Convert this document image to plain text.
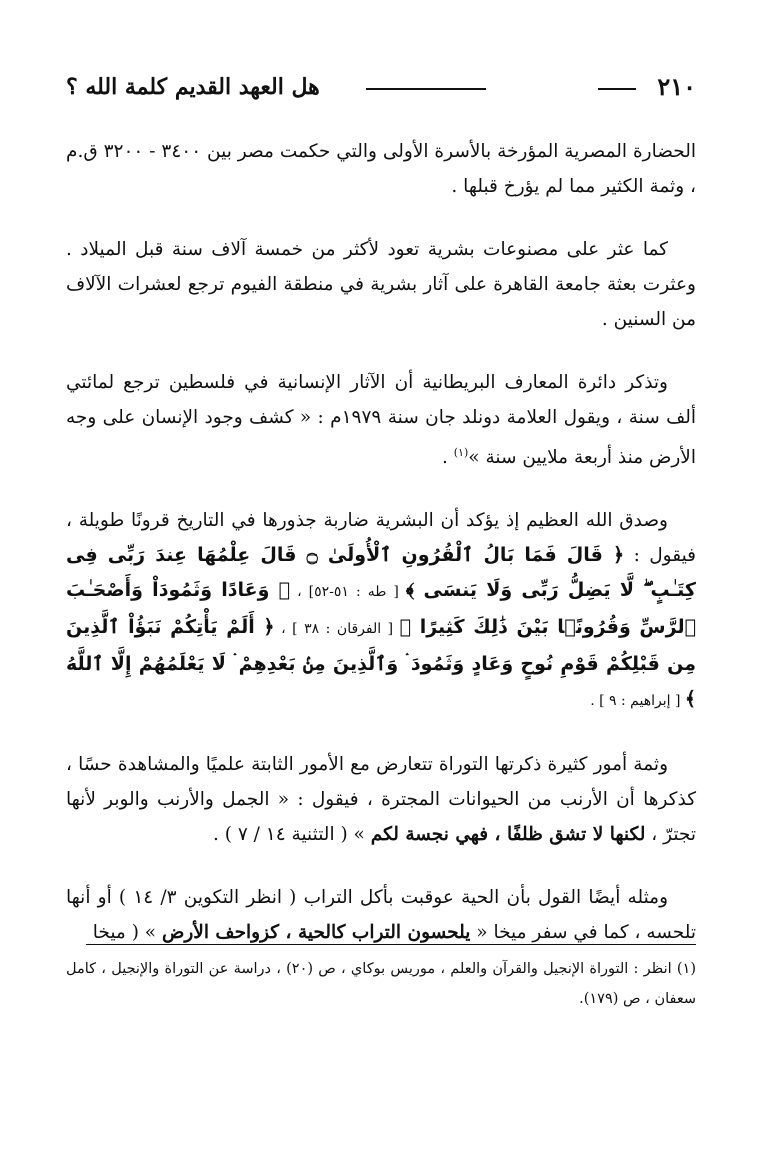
٢١٠
هل العهد القديم كلمة الله ؟

الحضارة المصرية المؤرخة بالأسرة الأولى والتي حكمت مصر بين ٣٤٠٠ - ٣٢٠٠ ق.م ، وثمة الكثير مما لم يؤرخ قبلها .

كما عثر على مصنوعات بشرية تعود لأكثر من خمسة آلاف سنة قبل الميلاد . وعثرت بعثة جامعة القاهرة على آثار بشرية في منطقة الفيوم ترجع لعشرات الآلاف من السنين .

وتذكر دائرة المعارف البريطانية أن الآثار الإنسانية في فلسطين ترجع لمائتي ألف سنة ، ويقول العلامة دونلد جان سنة ١٩٧٩م : « كشف وجود الإنسان على وجه الأرض منذ أربعة ملايين سنة »$^{(١)}$ .

وصدق الله العظيم إذ يؤكد أن البشرية ضاربة جذورها في التاريخ قرونًا طويلة ، فيقول : ﴿ قَالَ فَمَا بَالُ ٱلْقُرُونِ ٱلْأُولَىٰ ۝ قَالَ عِلْمُهَا عِندَ رَبِّى فِى كِتَـٰبٍ ۖ لَّا يَضِلُّ رَبِّى وَلَا يَنسَى ﴾ [ طه : ٥١-٥٢] ، ﴿ وَعَادًا وَثَمُودَاْ وَأَصْحَـٰبَ ٱلرَّسِّ وَقُرُونًۢا بَيْنَ ذَٰلِكَ كَثِيرًا ﴾ [ الفرقان : ٣٨ ] ، ﴿ أَلَمْ يَأْتِكُمْ نَبَؤُاْ ٱلَّذِينَ مِن قَبْلِكُمْ قَوْمِ نُوحٍ وَعَادٍ وَثَمُودَ ۛ وَٱلَّذِينَ مِنۢ بَعْدِهِمْ ۛ لَا يَعْلَمُهُمْ إِلَّا ٱللَّهُ ﴾ [ إبراهيم : ٩ ] .

وثمة أمور كثيرة ذكرتها التوراة تتعارض مع الأمور الثابتة علميًا والمشاهدة حسًا ، كذكرها أن الأرنب من الحيوانات المجترة ، فيقول : « الجمل والأرنب والوبر لأنها تجترّ ، لكنها لا تشق ظلفًا ، فهي نجسة لكم » ( التثنية ١٤ / ٧ ) .

ومثله أيضًا القول بأن الحية عوقبت بأكل التراب ( انظر التكوين ٣/ ١٤ ) أو أنها تلحسه ، كما في سفر ميخا « يلحسون التراب كالحية ، كزواحف الأرض » ( ميخا

(١) انظر : التوراة الإنجيل والقرآن والعلم ، موريس بوكاي ، ص (٢٠) ، دراسة عن التوراة والإنجيل ، كامل سعفان ، ص (١٧٩).
